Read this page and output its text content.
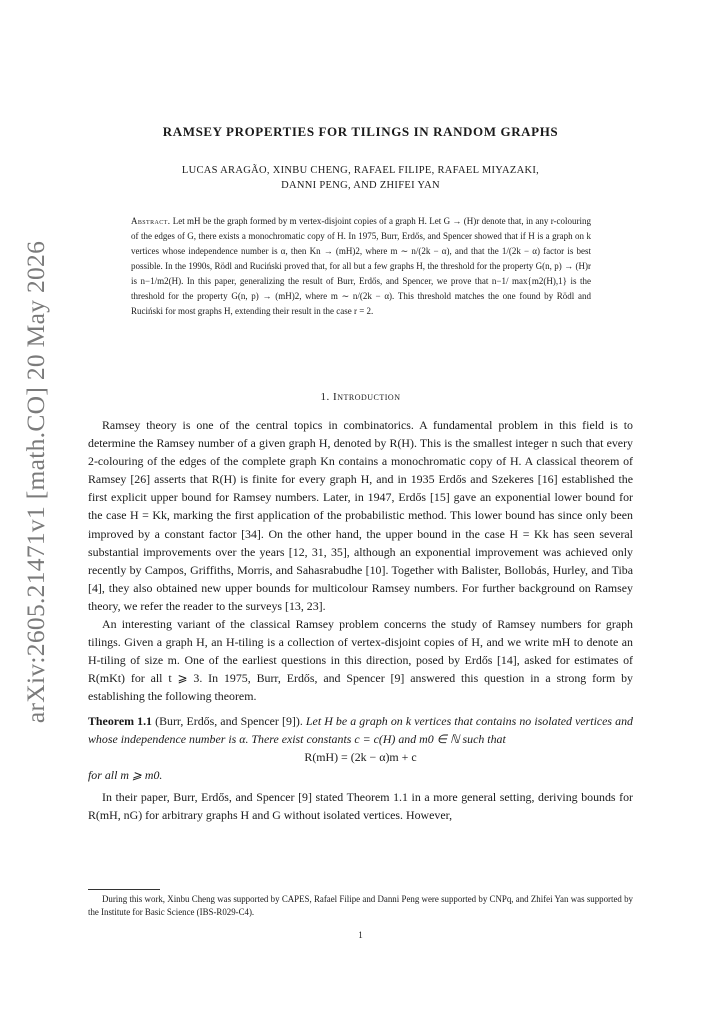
arXiv:2605.21471v1 [math.CO] 20 May 2026
RAMSEY PROPERTIES FOR TILINGS IN RANDOM GRAPHS
LUCAS ARAGÃO, XINBU CHENG, RAFAEL FILIPE, RAFAEL MIYAZAKI,
DANNI PENG, AND ZHIFEI YAN
Abstract. Let mH be the graph formed by m vertex-disjoint copies of a graph H. Let G → (H)r denote that, in any r-colouring of the edges of G, there exists a monochromatic copy of H. In 1975, Burr, Erdős, and Spencer showed that if H is a graph on k vertices whose independence number is α, then Kn → (mH)2, where m ∼ n/(2k − α), and that the 1/(2k − α) factor is best possible. In the 1990s, Rödl and Ruciński proved that, for all but a few graphs H, the threshold for the property G(n, p) → (H)r is n−1/m2(H). In this paper, generalizing the result of Burr, Erdős, and Spencer, we prove that n−1/ max{m2(H),1} is the threshold for the property G(n, p) → (mH)2, where m ∼ n/(2k − α). This threshold matches the one found by Rödl and Ruciński for most graphs H, extending their result in the case r = 2.
1. Introduction

Ramsey theory is one of the central topics in combinatorics. A fundamental problem in this field is to determine the Ramsey number of a given graph H, denoted by R(H). This is the smallest integer n such that every 2-colouring of the edges of the complete graph Kn contains a monochromatic copy of H. A classical theorem of Ramsey [26] asserts that R(H) is finite for every graph H, and in 1935 Erdős and Szekeres [16] established the first explicit upper bound for Ramsey numbers. Later, in 1947, Erdős [15] gave an exponential lower bound for the case H = Kk, marking the first application of the probabilistic method. This lower bound has since only been improved by a constant factor [34]. On the other hand, the upper bound in the case H = Kk has seen several substantial improvements over the years [12, 31, 35], although an exponential improvement was achieved only recently by Campos, Griffiths, Morris, and Sahasrabudhe [10]. Together with Balister, Bollobás, Hurley, and Tiba [4], they also obtained new upper bounds for multicolour Ramsey numbers. For further background on Ramsey theory, we refer the reader to the surveys [13, 23].

An interesting variant of the classical Ramsey problem concerns the study of Ramsey numbers for graph tilings. Given a graph H, an H-tiling is a collection of vertex-disjoint copies of H, and we write mH to denote an H-tiling of size m. One of the earliest questions in this direction, posed by Erdős [14], asked for estimates of R(mKt) for all t ⩾ 3. In 1975, Burr, Erdős, and Spencer [9] answered this question in a strong form by establishing the following theorem.

Theorem 1.1 (Burr, Erdős, and Spencer [9]). Let H be a graph on k vertices that contains no isolated vertices and whose independence number is α. There exist constants c = c(H) and m0 ∈ ℕ such that

R(mH) = (2k − α)m + c

for all m ⩾ m0.

In their paper, Burr, Erdős, and Spencer [9] stated Theorem 1.1 in a more general setting, deriving bounds for R(mH, nG) for arbitrary graphs H and G without isolated vertices. However,

During this work, Xinbu Cheng was supported by CAPES, Rafael Filipe and Danni Peng were supported by CNPq, and Zhifei Yan was supported by the Institute for Basic Science (IBS-R029-C4).
1
